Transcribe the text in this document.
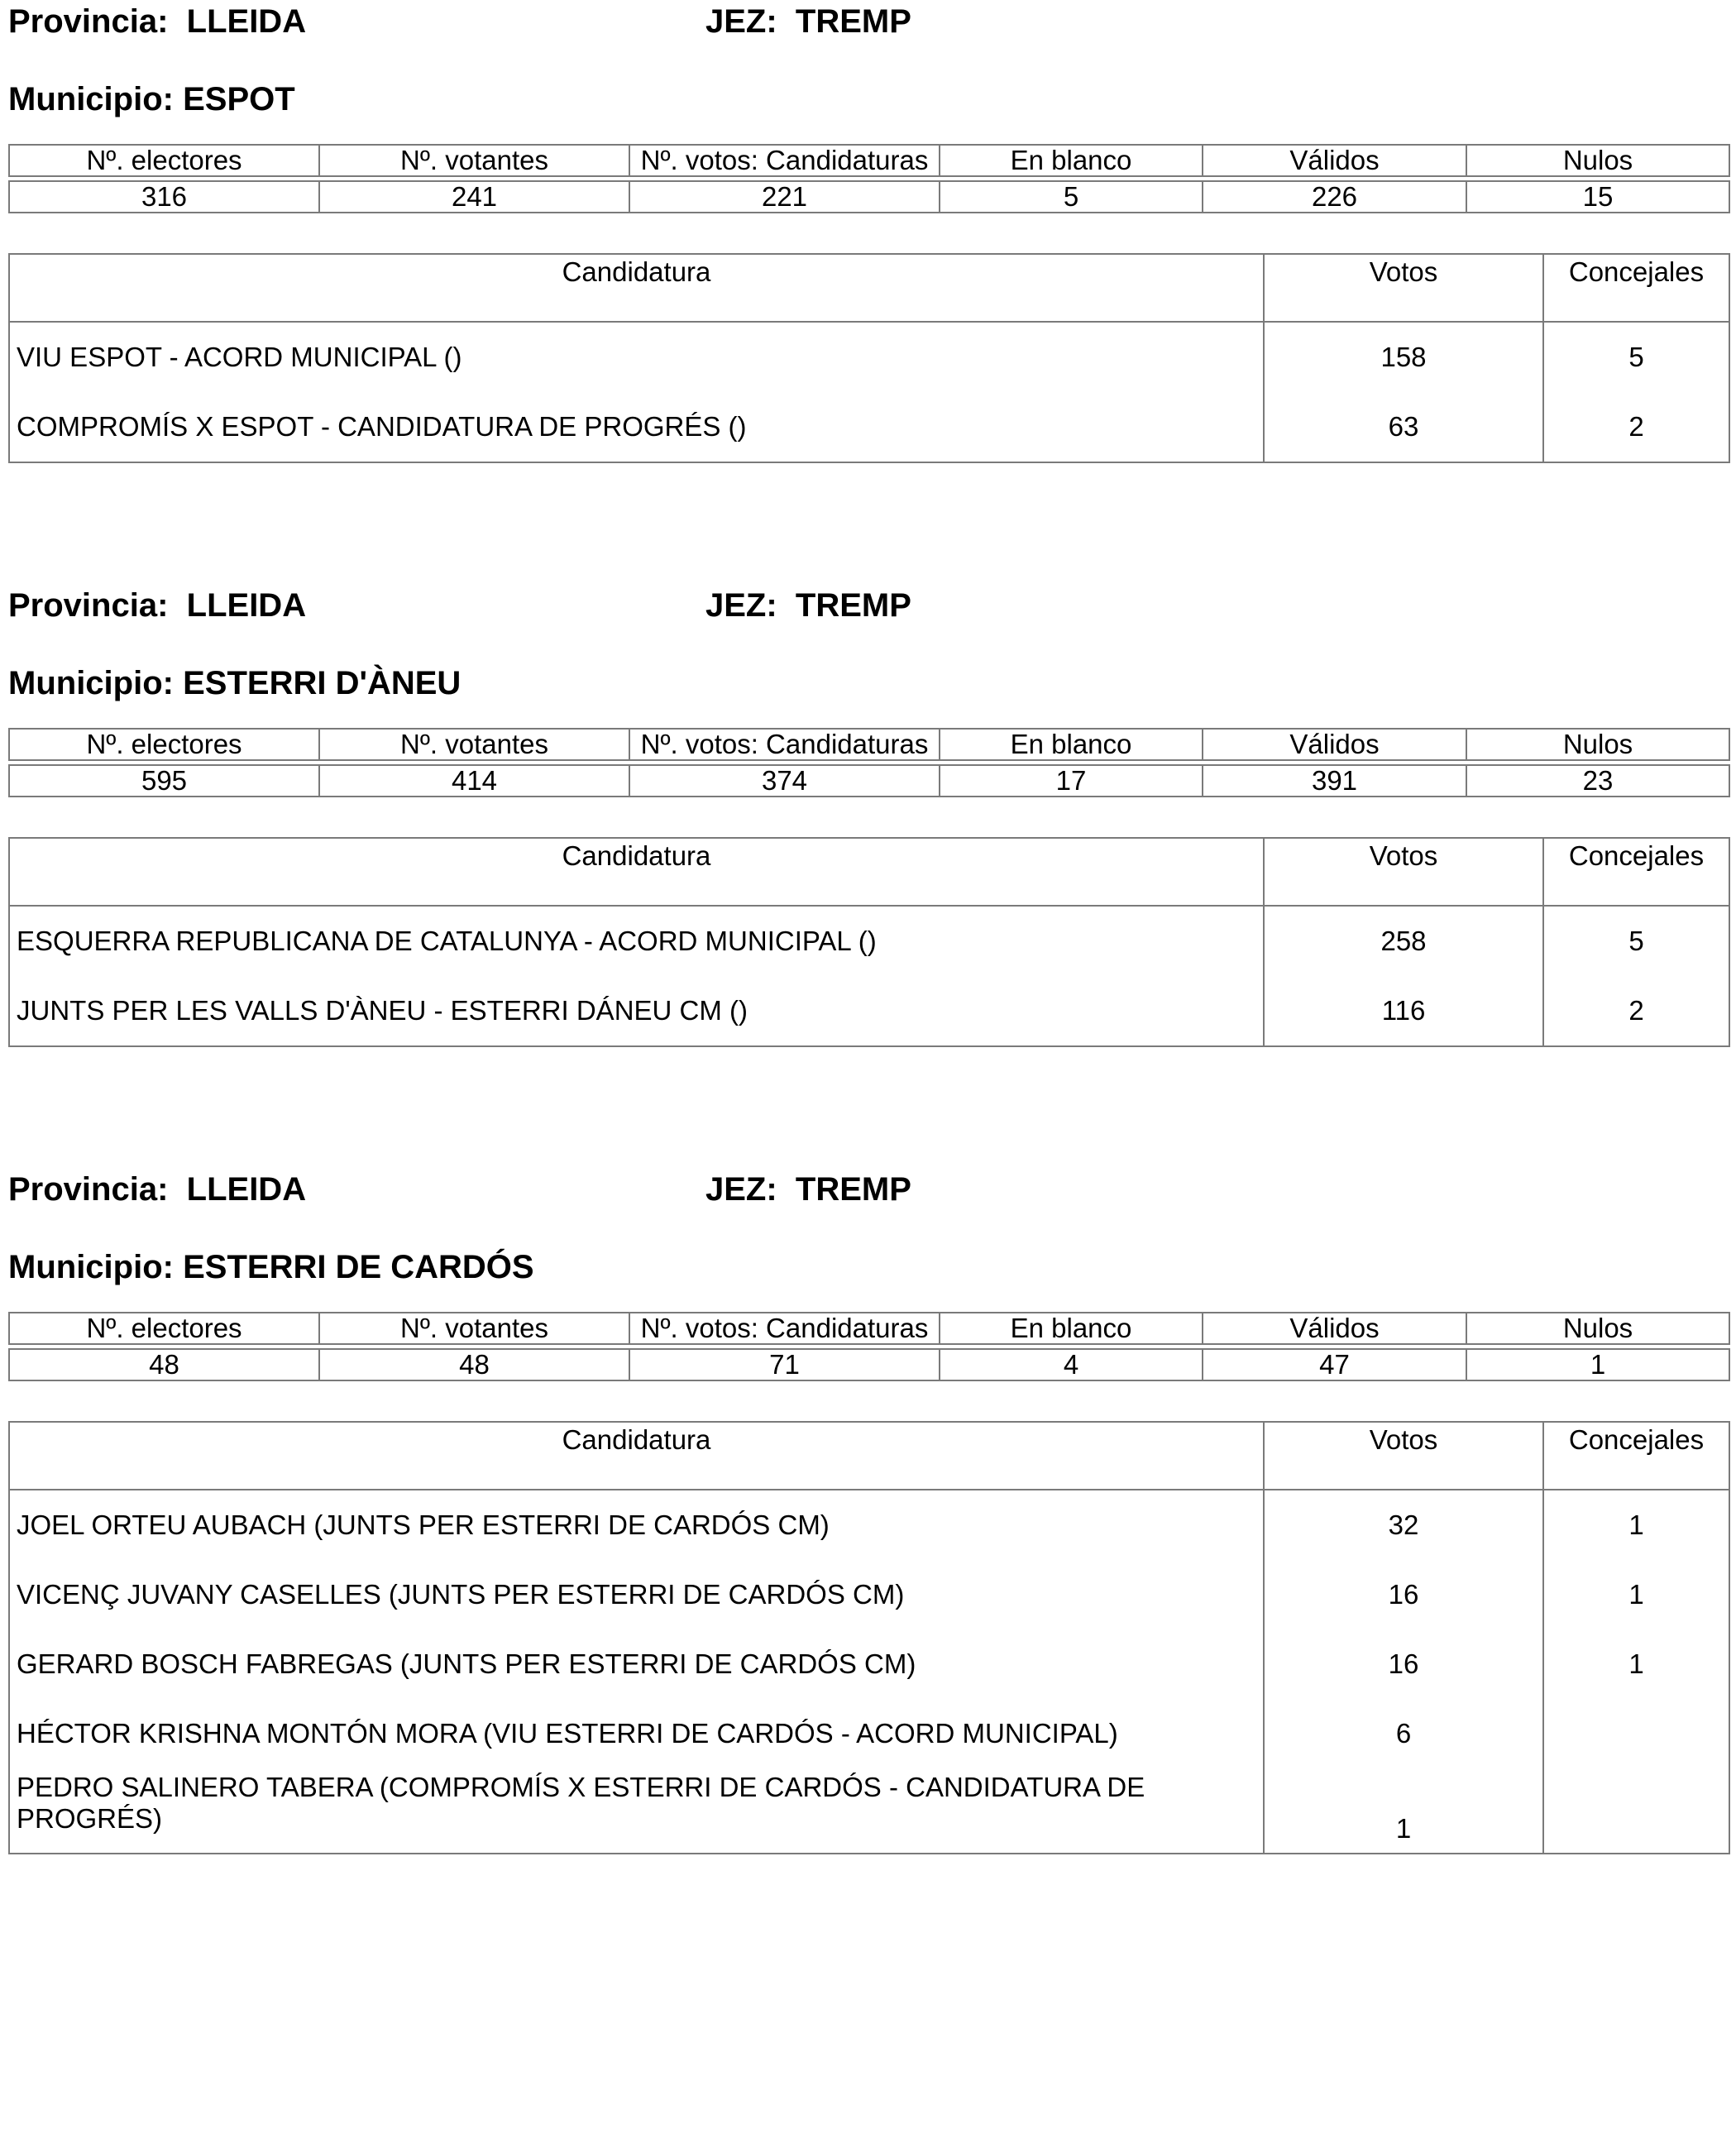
Provincia: LLEIDA	JEZ: TREMP
Municipio: ESPOT
Nº. electores	Nº. votantes	Nº. votos: Candidaturas	En blanco	Válidos	Nulos

316	241	221	5	226	15
Candidatura	Votos	Concejales
VIU ESPOT - ACORD MUNICIPAL ()	158	5
COMPROMÍS X ESPOT - CANDIDATURA DE PROGRÉS ()	63	2
Provincia: LLEIDA	JEZ: TREMP
Municipio: ESTERRI D'ÀNEU
Nº. electores	Nº. votantes	Nº. votos: Candidaturas	En blanco	Válidos	Nulos

595	414	374	17	391	23
Candidatura	Votos	Concejales
ESQUERRA REPUBLICANA DE CATALUNYA - ACORD MUNICIPAL ()	258	5
JUNTS PER LES VALLS D'ÀNEU - ESTERRI DÁNEU CM ()	116	2
Provincia: LLEIDA	JEZ: TREMP
Municipio: ESTERRI DE CARDÓS
Nº. electores	Nº. votantes	Nº. votos: Candidaturas	En blanco	Válidos	Nulos

48	48	71	4	47	1
Candidatura	Votos	Concejales
JOEL ORTEU AUBACH (JUNTS PER ESTERRI DE CARDÓS CM)	32	1
VICENÇ JUVANY CASELLES (JUNTS PER ESTERRI DE CARDÓS CM)	16	1
GERARD BOSCH FABREGAS (JUNTS PER ESTERRI DE CARDÓS CM)	16	1
HÉCTOR KRISHNA MONTÓN MORA (VIU ESTERRI DE CARDÓS - ACORD MUNICIPAL)	6	
PEDRO SALINERO TABERA (COMPROMÍS X ESTERRI DE CARDÓS - CANDIDATURA DE PROGRÉS)	1	
